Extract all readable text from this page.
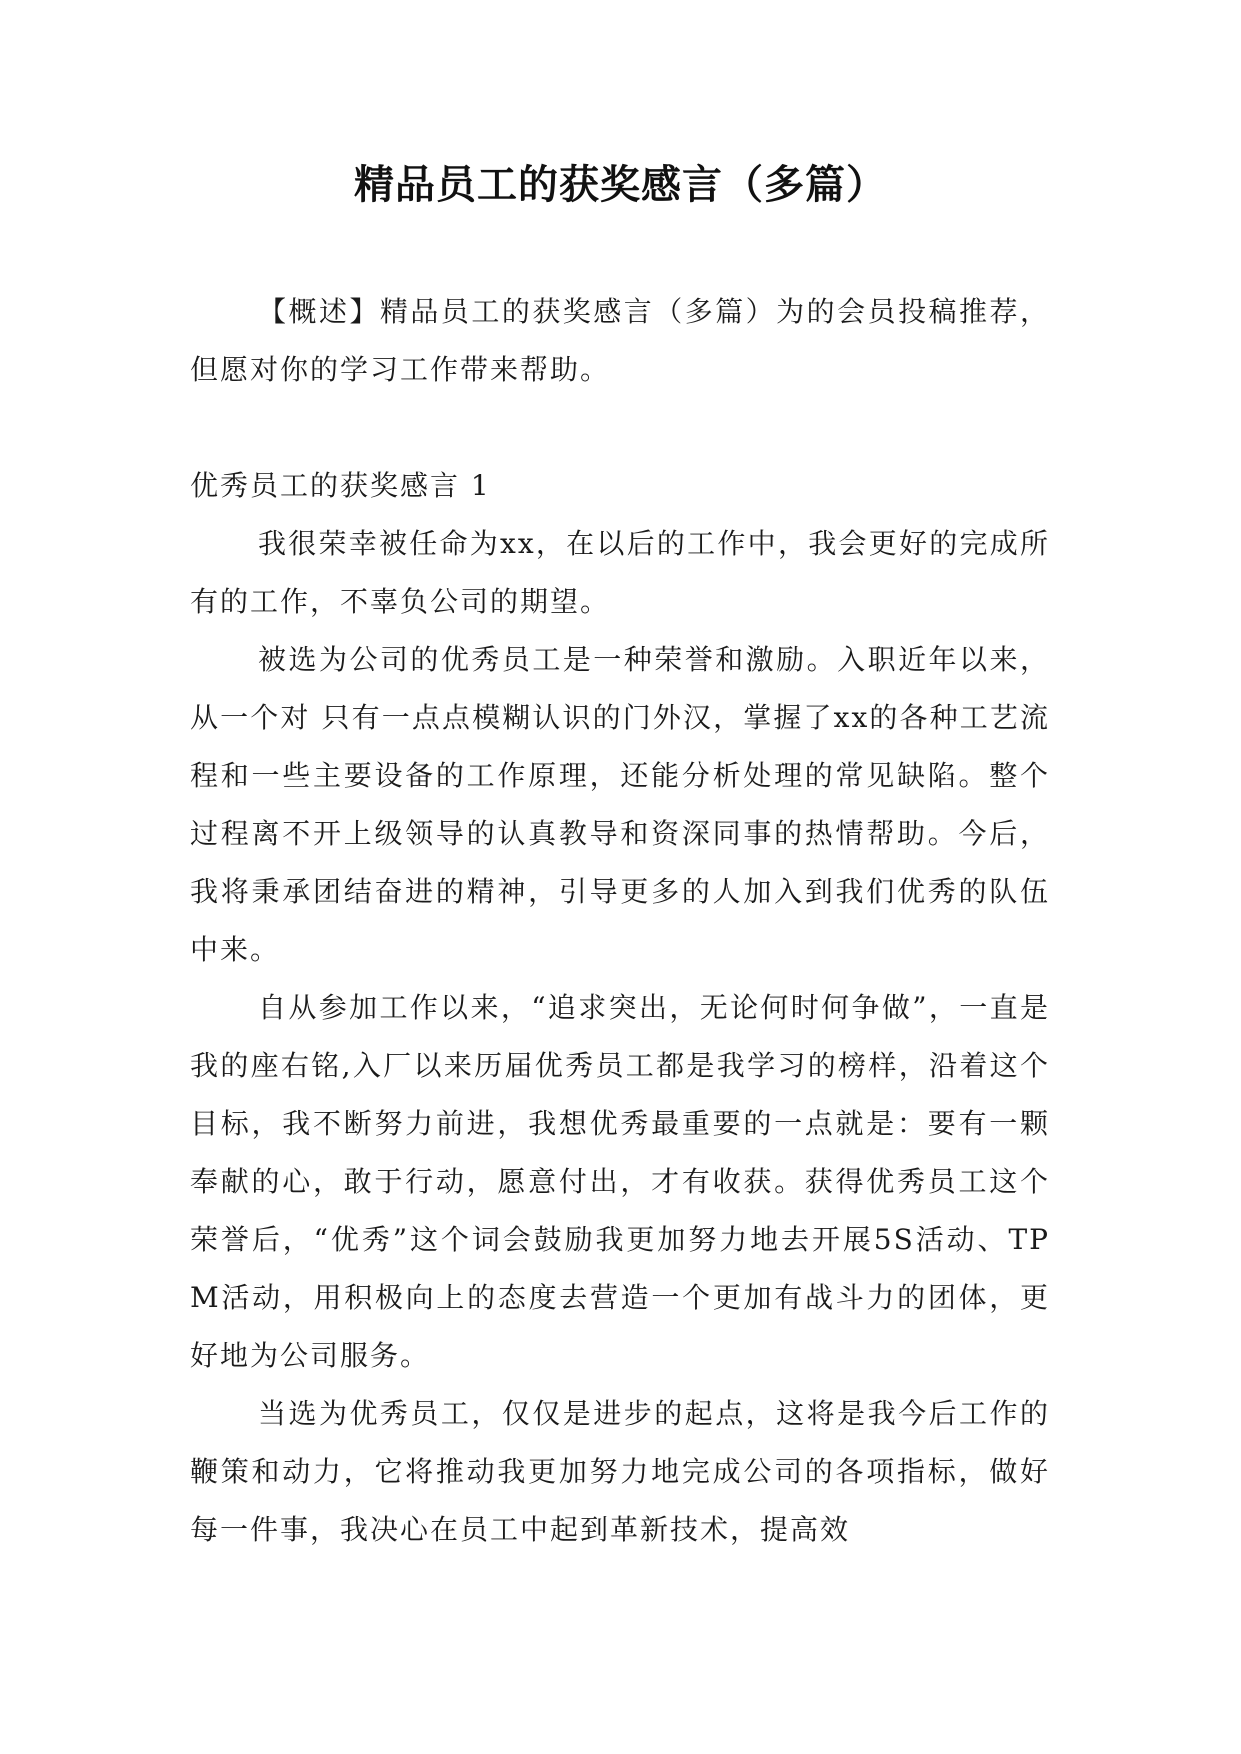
精品员工的获奖感言（多篇）

【概述】精品员工的获奖感言（多篇）为的会员投稿推荐，但愿对你的学习工作带来帮助。

优秀员工的获奖感言 1

我很荣幸被任命为xx，在以后的工作中，我会更好的完成所有的工作，不辜负公司的期望。

被选为公司的优秀员工是一种荣誉和激励。入职近年以来，从一个对 只有一点点模糊认识的门外汉，掌握了xx的各种工艺流程和一些主要设备的工作原理，还能分析处理的常见缺陷。整个过程离不开上级领导的认真教导和资深同事的热情帮助。今后，我将秉承团结奋进的精神，引导更多的人加入到我们优秀的队伍中来。

自从参加工作以来，“追求突出，无论何时何争做”，一直是我的座右铭,入厂以来历届优秀员工都是我学习的榜样，沿着这个目标，我不断努力前进，我想优秀最重要的一点就是：要有一颗奉献的心，敢于行动，愿意付出，才有收获。获得优秀员工这个荣誉后，“优秀”这个词会鼓励我更加努力地去开展5S活动、TPM活动，用积极向上的态度去营造一个更加有战斗力的团体，更好地为公司服务。

当选为优秀员工，仅仅是进步的起点，这将是我今后工作的鞭策和动力，它将推动我更加努力地完成公司的各项指标，做好每一件事，我决心在员工中起到革新技术，提高效
